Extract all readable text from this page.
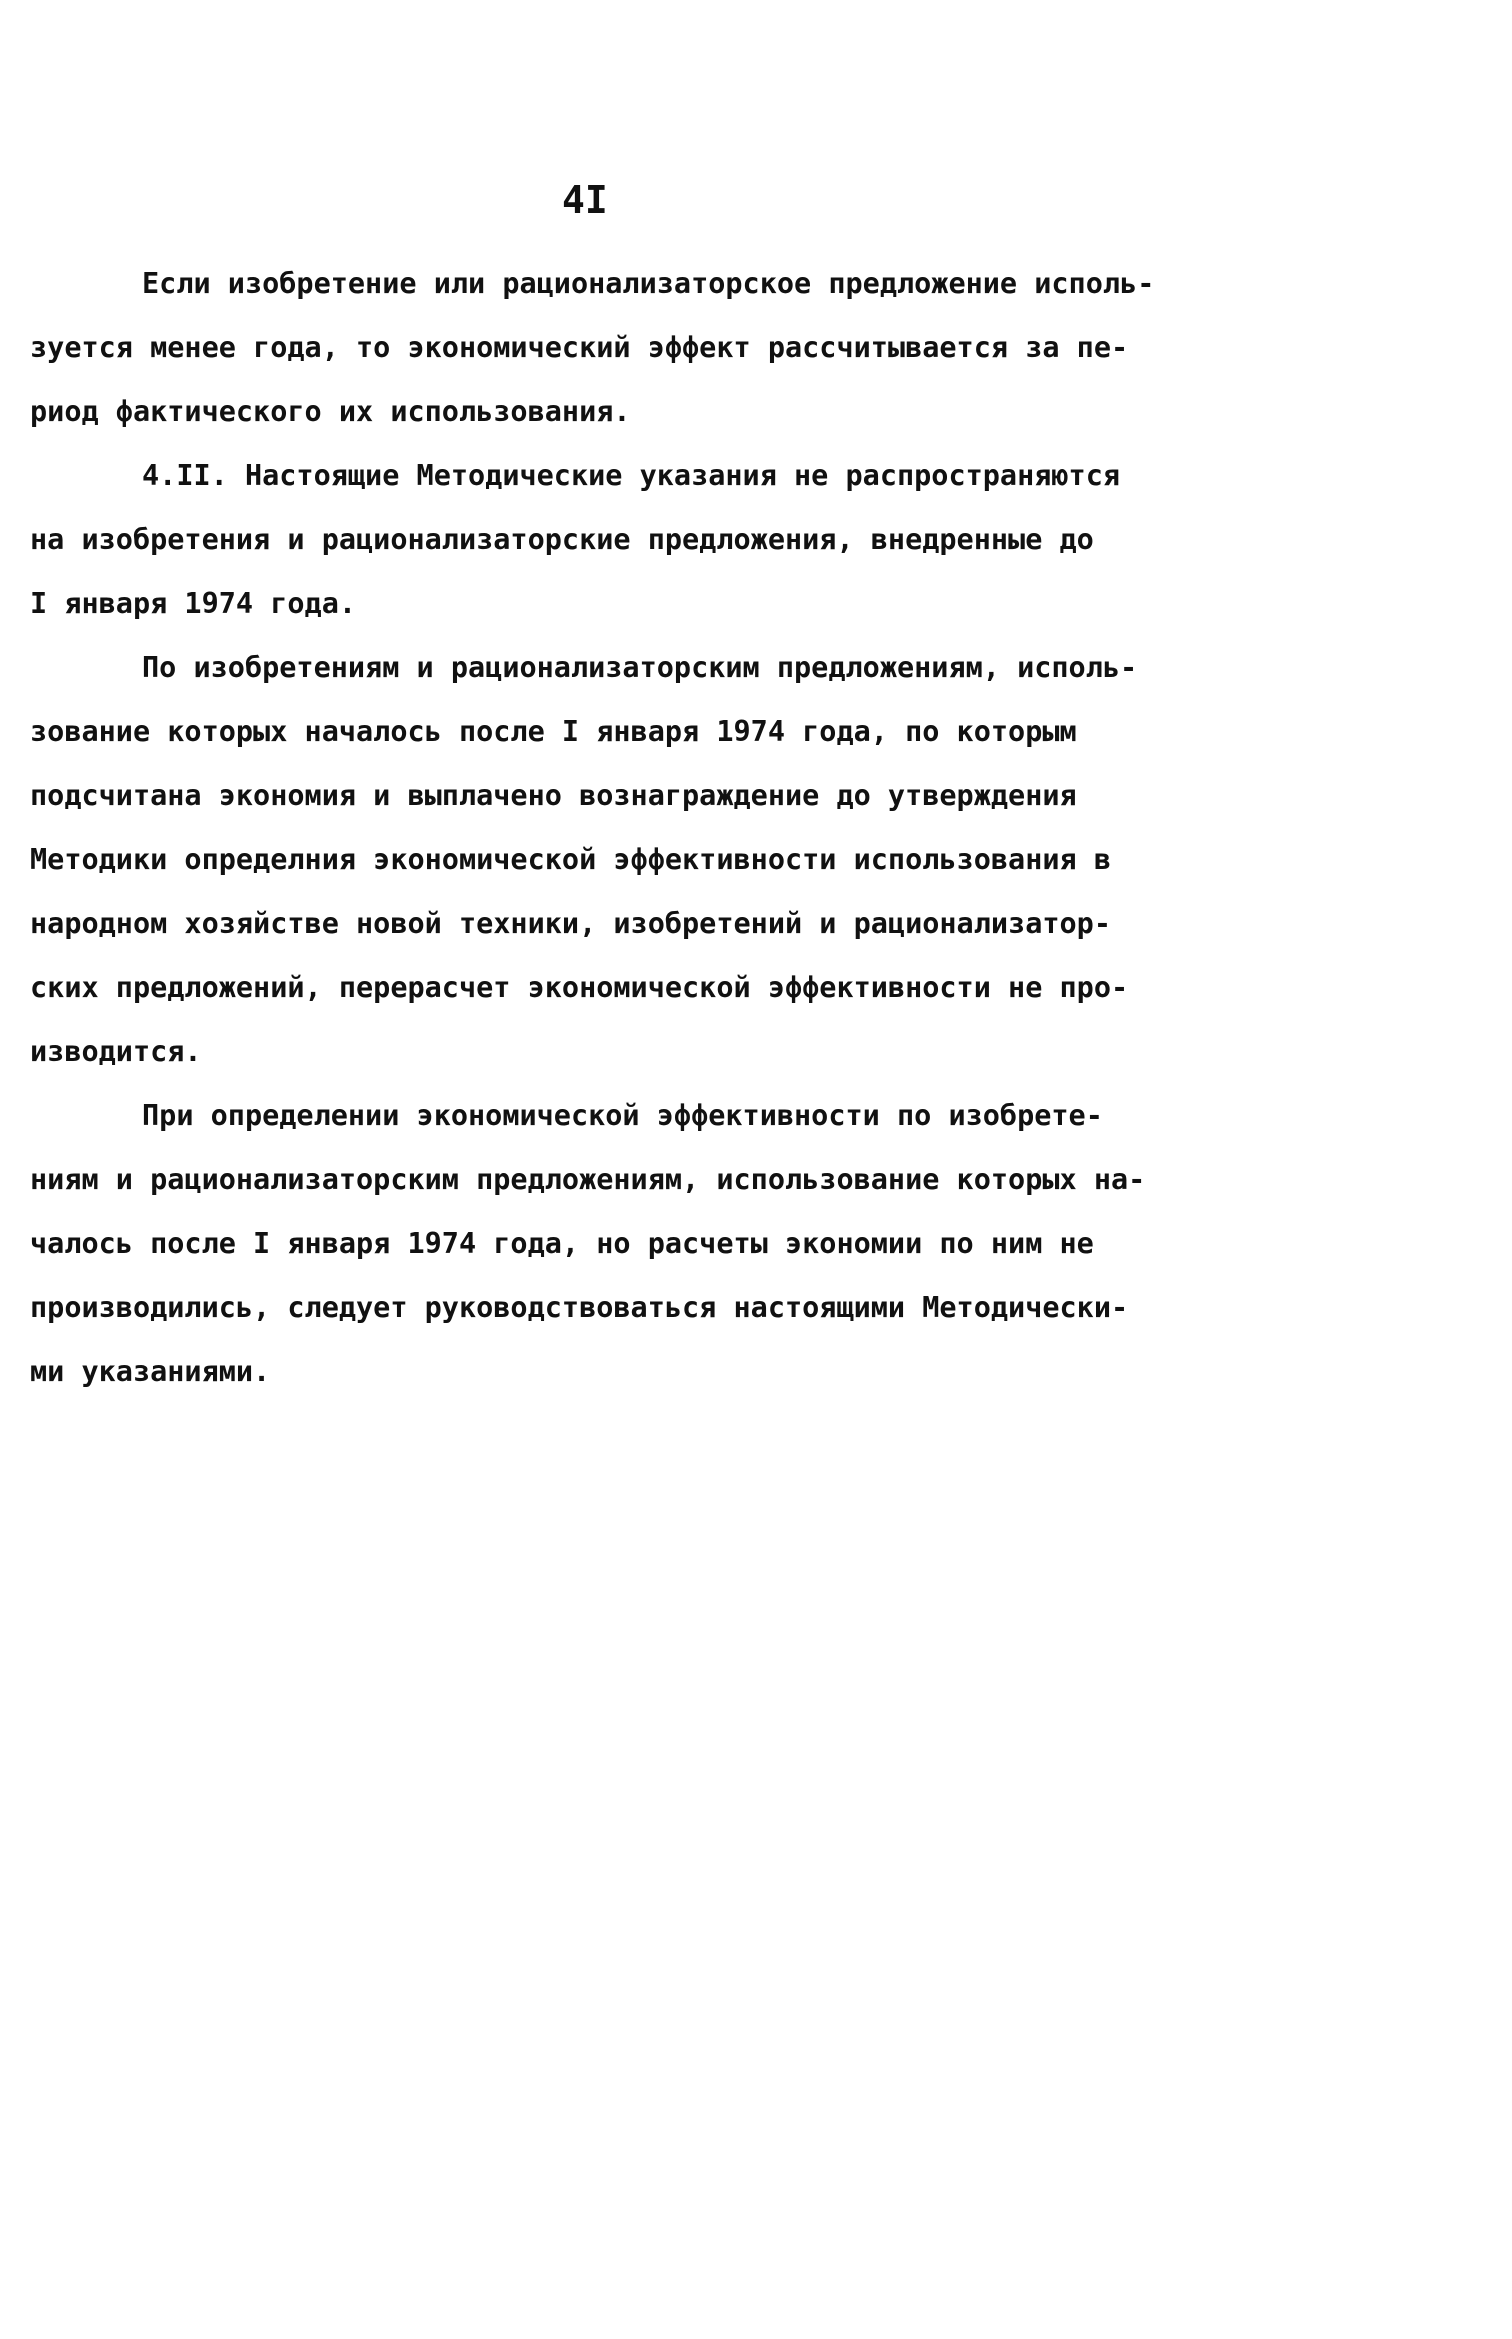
4I
Если изобретение или рационализаторское предложение исполь-
зуется менее года, то экономический эффект рассчитывается за пе-
риод фактического их использования.
4.II. Настоящие Методические указания не распространяются
на изобретения и рационализаторские предложения, внедренные до
I января 1974 года.
По изобретениям и рационализаторским предложениям, исполь-
зование которых началось после I января 1974 года, по которым
подсчитана экономия и выплачено вознаграждение до утверждения
Методики определния экономической эффективности использования в
народном хозяйстве новой техники, изобретений и рационализатор-
ских предложений, перерасчет экономической эффективности не про-
изводится.
При определении экономической эффективности по изобрете-
ниям и рационализаторским предложениям, использование которых на-
чалось после I января 1974 года, но расчеты экономии по ним не
производились, следует руководствоваться настоящими Методически-
ми указаниями.
